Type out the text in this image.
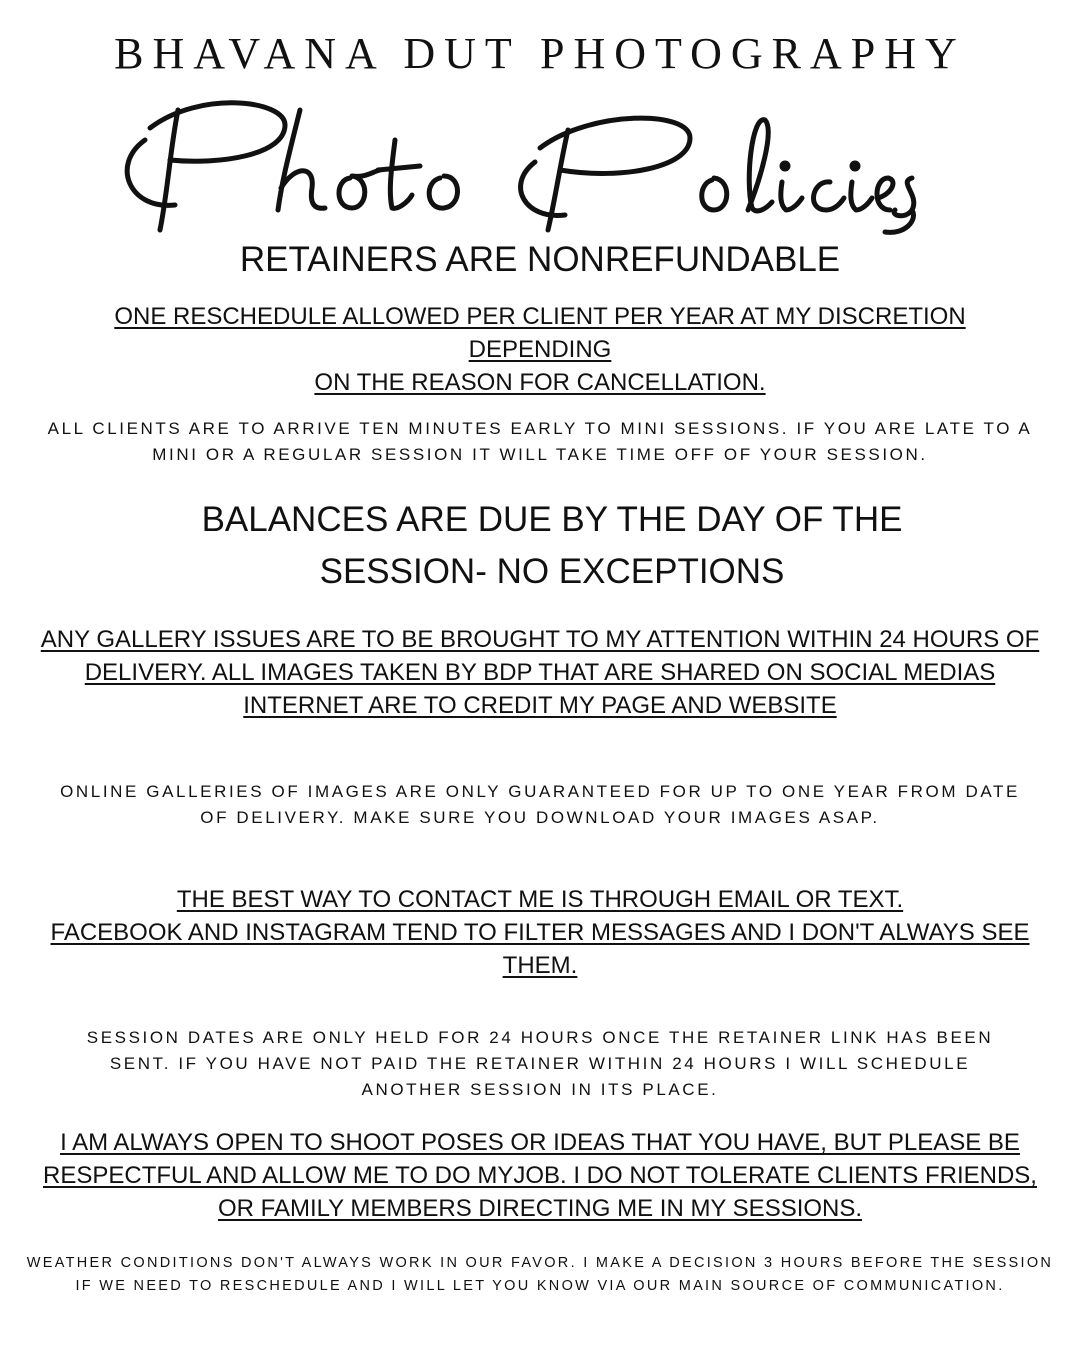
BHAVANA DUT PHOTOGRAPHY

RETAINERS ARE NONREFUNDABLE

ONE RESCHEDULE ALLOWED PER CLIENT PER YEAR AT MY DISCRETION DEPENDING
ON THE REASON FOR CANCELLATION.
ALL CLIENTS ARE TO ARRIVE TEN MINUTES EARLY TO MINI SESSIONS. IF YOU ARE LATE TO A
MINI OR A REGULAR SESSION IT WILL TAKE TIME OFF OF YOUR SESSION.
BALANCES ARE DUE BY THE DAY OF THE
SESSION- NO EXCEPTIONS
ANY GALLERY ISSUES ARE TO BE BROUGHT TO MY ATTENTION WITHIN 24 HOURS OF
DELIVERY. ALL IMAGES TAKEN BY BDP THAT ARE SHARED ON SOCIAL MEDIAS
INTERNET ARE TO CREDIT MY PAGE AND WEBSITE
ONLINE GALLERIES OF IMAGES ARE ONLY GUARANTEED FOR UP TO ONE YEAR FROM DATE
OF DELIVERY. MAKE SURE YOU DOWNLOAD YOUR IMAGES ASAP.
THE BEST WAY TO CONTACT ME IS THROUGH EMAIL OR TEXT.
FACEBOOK AND INSTAGRAM TEND TO FILTER MESSAGES AND I DON'T ALWAYS SEE
THEM.
SESSION DATES ARE ONLY HELD FOR 24 HOURS ONCE THE RETAINER LINK HAS BEEN
SENT. IF YOU HAVE NOT PAID THE RETAINER WITHIN 24 HOURS I WILL SCHEDULE
ANOTHER SESSION IN ITS PLACE.
I AM ALWAYS OPEN TO SHOOT POSES OR IDEAS THAT YOU HAVE, BUT PLEASE BE
RESPECTFUL AND ALLOW ME TO DO MYJOB. I DO NOT TOLERATE CLIENTS FRIENDS,
OR FAMILY MEMBERS DIRECTING ME IN MY SESSIONS.
WEATHER CONDITIONS DON'T ALWAYS WORK IN OUR FAVOR. I MAKE A DECISION 3 HOURS BEFORE THE SESSION
IF WE NEED TO RESCHEDULE AND I WILL LET YOU KNOW VIA OUR MAIN SOURCE OF COMMUNICATION.
